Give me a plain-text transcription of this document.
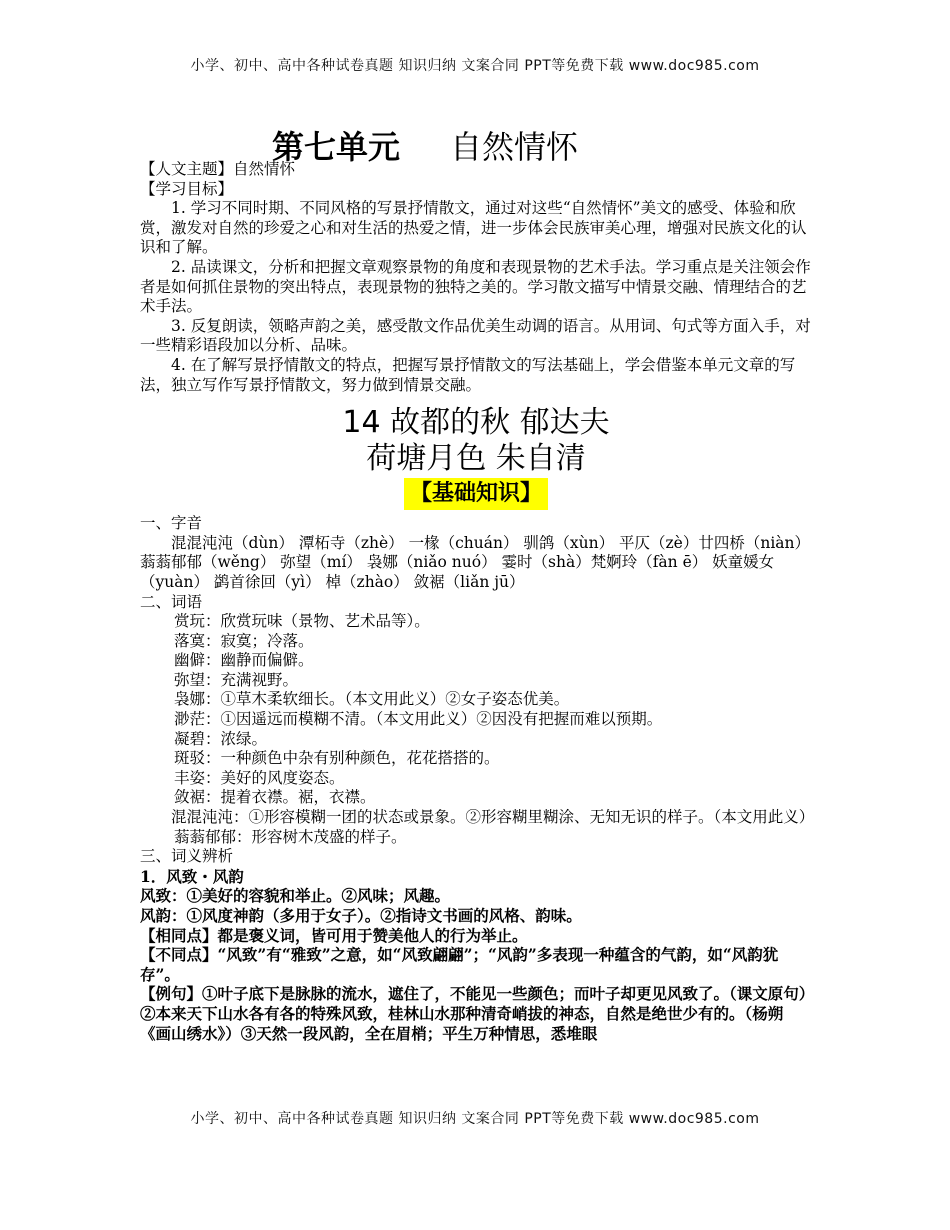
小学、初中、高中各种试卷真题 知识归纳 文案合同 PPT等免费下载 www.doc985.com
第七单元 自然情怀

【人文主题】自然情怀

【学习目标】

1. 学习不同时期、不同风格的写景抒情散文，通过对这些“自然情怀”美文的感受、体验和欣赏，激发对自然的珍爱之心和对生活的热爱之情，进一步体会民族审美心理，增强对民族文化的认识和了解。

2. 品读课文，分析和把握文章观察景物的角度和表现景物的艺术手法。学习重点是关注领会作者是如何抓住景物的突出特点，表现景物的独特之美的。学习散文描写中情景交融、情理结合的艺术手法。

3. 反复朗读，领略声韵之美，感受散文作品优美生动调的语言。从用词、句式等方面入手，对一些精彩语段加以分析、品味。

4. 在了解写景抒情散文的特点，把握写景抒情散文的写法基础上，学会借鉴本单元文章的写法，独立写作写景抒情散文，努力做到情景交融。

14 故都的秋 郁达夫

荷塘月色 朱自清

【基础知识】

一、字音

混混沌沌（dùn） 潭柘寺（zhè） 一椽（chuán） 驯鸽（xùn） 平仄（zè）廿四桥（niàn） 蓊蓊郁郁（wěng） 弥望（mí） 袅娜（niǎo nuó） 霎时（shà）梵婀玲（fàn ē） 妖童媛女（yuàn） 鹢首徐回（yì） 棹（zhào） 敛裾（liǎn jū）

二、词语

赏玩：欣赏玩味（景物、艺术品等）。

落寞：寂寞；冷落。

幽僻：幽静而偏僻。

弥望：充满视野。

袅娜：①草木柔软细长。（本文用此义）②女子姿态优美。

渺茫：①因遥远而模糊不清。（本文用此义）②因没有把握而难以预期。

凝碧：浓绿。

斑驳：一种颜色中杂有别种颜色，花花搭搭的。

丰姿：美好的风度姿态。

敛裾：提着衣襟。裾，衣襟。

混混沌沌：①形容模糊一团的状态或景象。②形容糊里糊涂、无知无识的样子。（本文用此义）

蓊蓊郁郁：形容树木茂盛的样子。

三、词义辨析

1．风致・风韵

风致：①美好的容貌和举止。②风味；风趣。

风韵：①风度神韵（多用于女子）。②指诗文书画的风格、韵味。

【相同点】都是褒义词，皆可用于赞美他人的行为举止。

【不同点】“风致”有“雅致”之意，如“风致翩翩”；“风韵”多表现一种蕴含的气韵，如“风韵犹存”。

【例句】①叶子底下是脉脉的流水，遮住了，不能见一些颜色；而叶子却更见风致了。（课文原句）②本来天下山水各有各的特殊风致，桂林山水那种清奇峭拔的神态，自然是绝世少有的。（杨朔《画山绣水》）③天然一段风韵，全在眉梢；平生万种情思，悉堆眼

小学、初中、高中各种试卷真题 知识归纳 文案合同 PPT等免费下载 www.doc985.com
